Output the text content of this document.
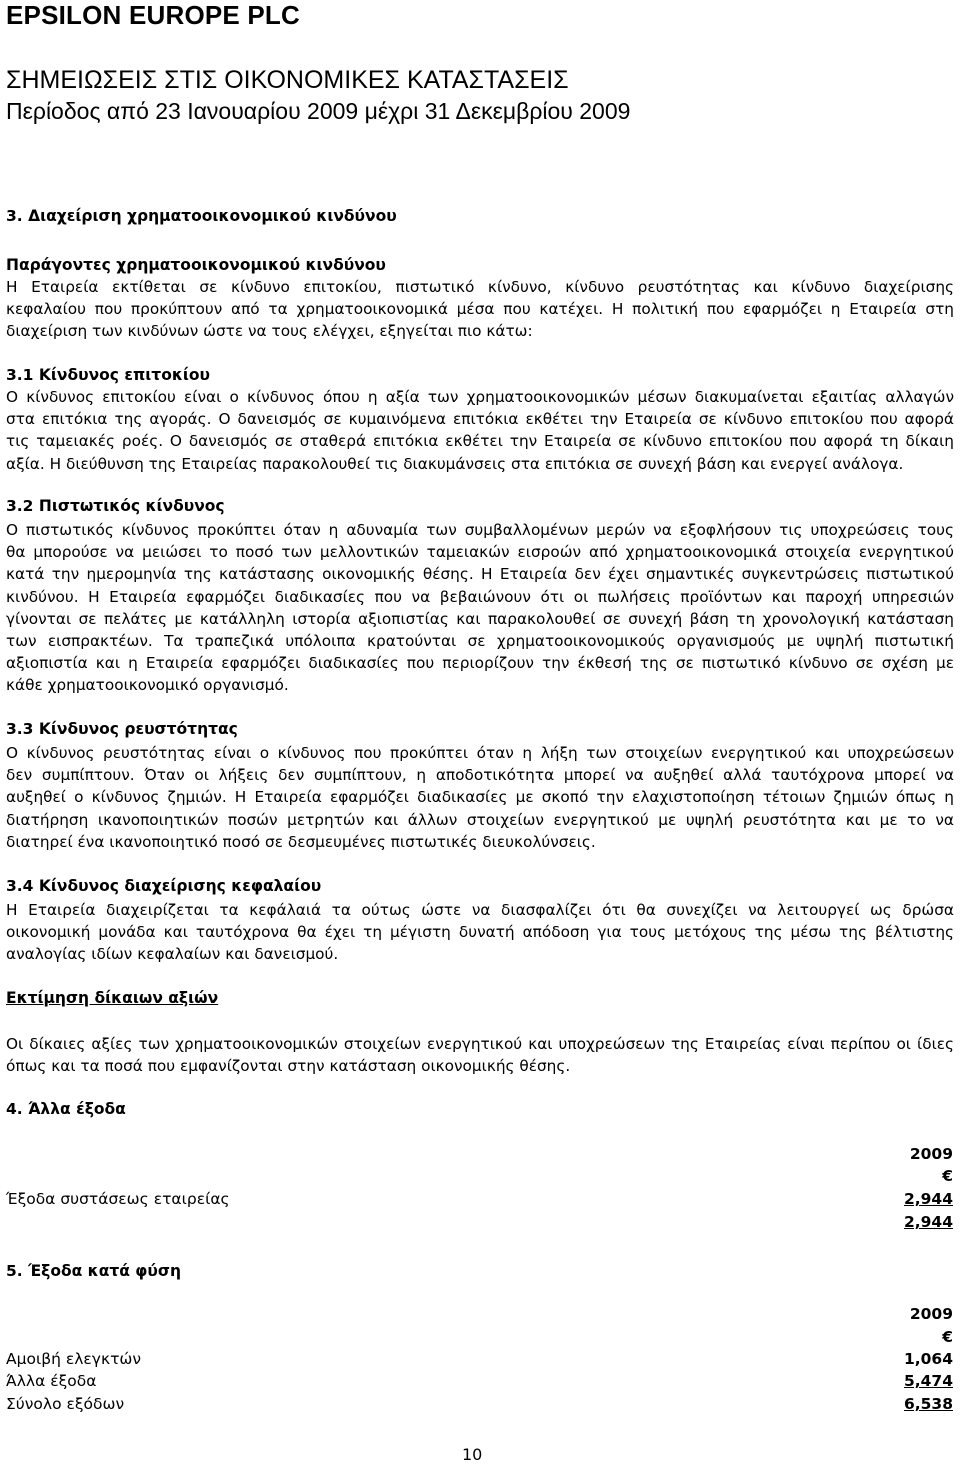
EPSILON EUROPE PLC
ΣΗΜΕΙΩΣΕΙΣ ΣΤΙΣ ΟΙΚΟΝΟΜΙΚΕΣ ΚΑΤΑΣΤΑΣΕΙΣ
Περίοδος από 23 Ιανουαρίου 2009 μέχρι 31 Δεκεμβρίου 2009
3. Διαχείριση χρηματοοικονομικού κινδύνου
Παράγοντες χρηματοοικονομικού κινδύνου
Η Εταιρεία εκτίθεται σε κίνδυνο επιτοκίου, πιστωτικό κίνδυνο, κίνδυνο ρευστότητας και κίνδυνο διαχείρισης
κεφαλαίου που προκύπτουν από τα χρηματοοικονομικά μέσα που κατέχει. Η πολιτική που εφαρμόζει η Εταιρεία στη
διαχείριση των κινδύνων ώστε να τους ελέγχει, εξηγείται πιο κάτω:
3.1 Κίνδυνος επιτοκίου
Ο κίνδυνος επιτοκίου είναι ο κίνδυνος όπου η αξία των χρηματοοικονομικών μέσων διακυμαίνεται εξαιτίας αλλαγών
στα επιτόκια της αγοράς. Ο δανεισμός σε κυμαινόμενα επιτόκια εκθέτει την Εταιρεία σε κίνδυνο επιτοκίου που αφορά
τις ταμειακές ροές. Ο δανεισμός σε σταθερά επιτόκια εκθέτει την Εταιρεία σε κίνδυνο επιτοκίου που αφορά τη δίκαιη
αξία. Η διεύθυνση της Εταιρείας παρακολουθεί τις διακυμάνσεις στα επιτόκια σε συνεχή βάση και ενεργεί ανάλογα.
3.2 Πιστωτικός κίνδυνος
Ο πιστωτικός κίνδυνος προκύπτει όταν η αδυναμία των συμβαλλομένων μερών να εξοφλήσουν τις υποχρεώσεις τους
θα μπορούσε να μειώσει το ποσό των μελλοντικών ταμειακών εισροών από χρηματοοικονομικά στοιχεία ενεργητικού
κατά την ημερομηνία της κατάστασης οικονομικής θέσης. Η Εταιρεία δεν έχει σημαντικές συγκεντρώσεις πιστωτικού
κινδύνου. Η Εταιρεία εφαρμόζει διαδικασίες που να βεβαιώνουν ότι οι πωλήσεις προϊόντων και παροχή υπηρεσιών
γίνονται σε πελάτες με κατάλληλη ιστορία αξιοπιστίας και παρακολουθεί σε συνεχή βάση τη χρονολογική κατάσταση
των εισπρακτέων. Τα τραπεζικά υπόλοιπα κρατούνται σε χρηματοοικονομικούς οργανισμούς με υψηλή πιστωτική
αξιοπιστία και η Εταιρεία εφαρμόζει διαδικασίες που περιορίζουν την έκθεσή της σε πιστωτικό κίνδυνο σε σχέση με
κάθε χρηματοοικονομικό οργανισμό.
3.3 Κίνδυνος ρευστότητας
Ο κίνδυνος ρευστότητας είναι ο κίνδυνος που προκύπτει όταν η λήξη των στοιχείων ενεργητικού και υποχρεώσεων
δεν συμπίπτουν. Όταν οι λήξεις δεν συμπίπτουν, η αποδοτικότητα μπορεί να αυξηθεί αλλά ταυτόχρονα μπορεί να
αυξηθεί ο κίνδυνος ζημιών. Η Εταιρεία εφαρμόζει διαδικασίες με σκοπό την ελαχιστοποίηση τέτοιων ζημιών όπως η
διατήρηση ικανοποιητικών ποσών μετρητών και άλλων στοιχείων ενεργητικού με υψηλή ρευστότητα και με το να
διατηρεί ένα ικανοποιητικό ποσό σε δεσμευμένες πιστωτικές διευκολύνσεις.
3.4 Κίνδυνος διαχείρισης κεφαλαίου
Η Εταιρεία διαχειρίζεται τα κεφάλαιά τα ούτως ώστε να διασφαλίζει ότι θα συνεχίζει να λειτουργεί ως δρώσα
οικονομική μονάδα και ταυτόχρονα θα έχει τη μέγιστη δυνατή απόδοση για τους μετόχους της μέσω της βέλτιστης
αναλογίας ιδίων κεφαλαίων και δανεισμού.
Εκτίμηση δίκαιων αξιών
Οι δίκαιες αξίες των χρηματοοικονομικών στοιχείων ενεργητικού και υποχρεώσεων της Εταιρείας είναι περίπου οι ίδιες
όπως και τα ποσά που εμφανίζονται στην κατάσταση οικονομικής θέσης.
4. Άλλα έξοδα
2009
€
Έξοδα συστάσεως εταιρείας	2,944
2,944
5. Έξοδα κατά φύση
2009
€
Αμοιβή ελεγκτών	1,064
Άλλα έξοδα	5,474
Σύνολο εξόδων	6,538
10
